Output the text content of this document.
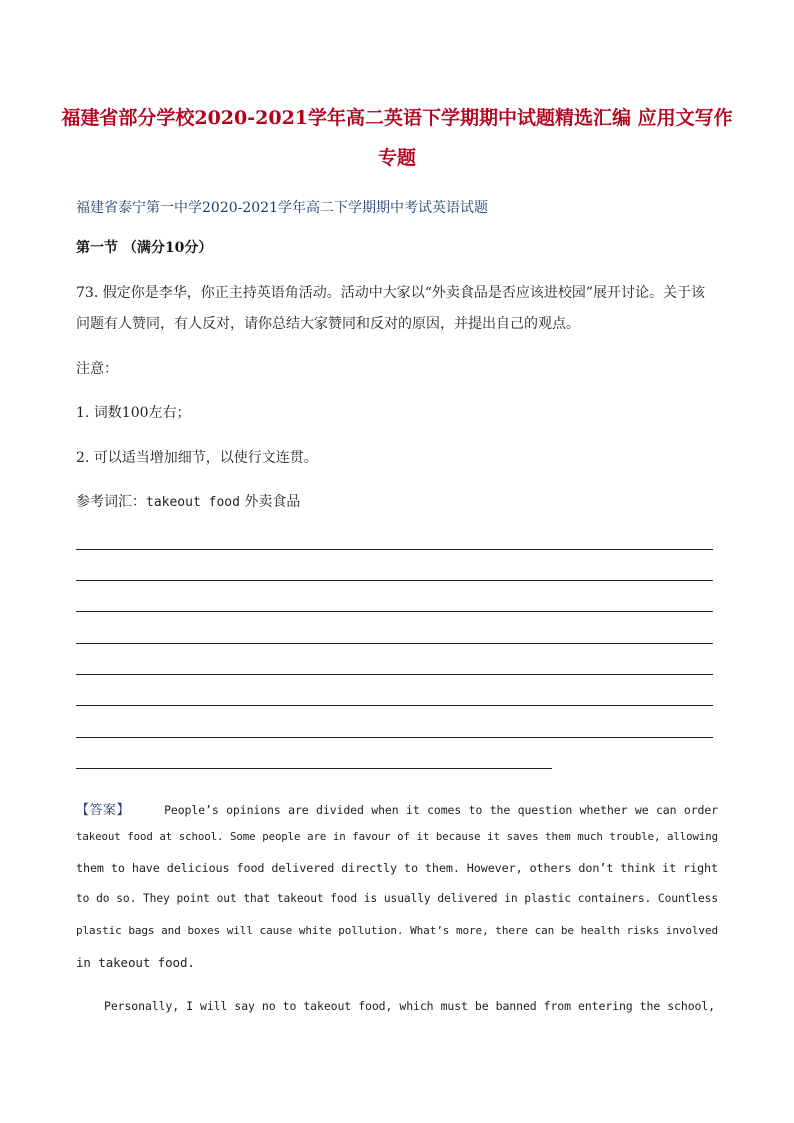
福建省部分学校2020-2021学年高二英语下学期期中试题精选汇编 应用文写作
专题
福建省泰宁第一中学2020-2021学年高二下学期期中考试英语试题
第一节 （满分10分）
73. 假定你是李华，你正主持英语角活动。活动中大家以“外卖食品是否应该进校园”展开讨论。关于该
问题有人赞同，有人反对，请你总结大家赞同和反对的原因，并提出自己的观点。
注意：
1. 词数100左右；
2. 可以适当增加细节，以使行文连贯。
参考词汇：takeout food 外卖食品
【答案】	People’s opinions are divided when it comes to the question whether we can order
takeout food at school. Some people are in favour of it because it saves them much trouble, allowing
them to have delicious food delivered directly to them. However, others don’t think it right
to do so. They point out that takeout food is usually delivered in plastic containers. Countless
plastic bags and boxes will cause white pollution. What’s more, there can be health risks involved
in takeout food.
Personally, I will say no to takeout food, which must be banned from entering the school,
